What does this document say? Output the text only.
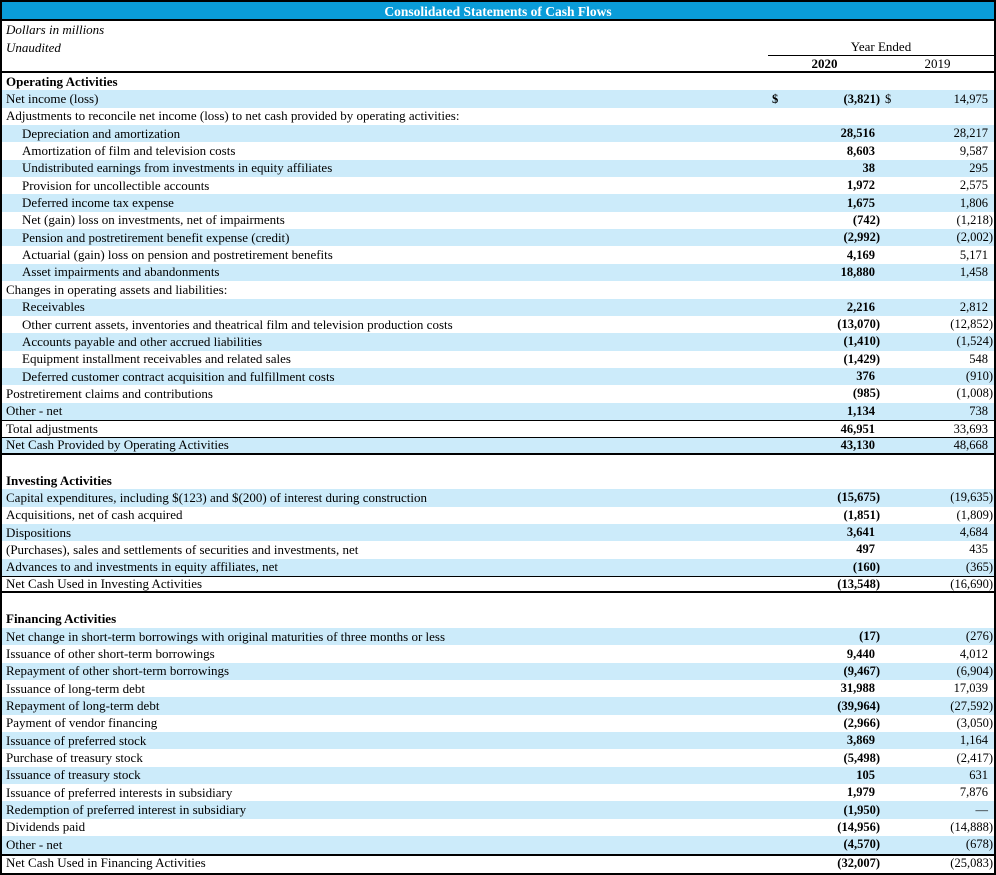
Consolidated Statements of Cash Flows
Dollars in millions
Unaudited	Year Ended
2020	2019
Operating Activities
Net income (loss)	$	(3,821) $	14,975
Adjustments to reconcile net income (loss) to net cash provided by operating activities:
Depreciation and amortization	28,516	28,217
Amortization of film and television costs	8,603	9,587
Undistributed earnings from investments in equity affiliates	38	295
Provision for uncollectible accounts	1,972	2,575
Deferred income tax expense	1,675	1,806
Net (gain) loss on investments, net of impairments	(742)	(1,218)
Pension and postretirement benefit expense (credit)	(2,992)	(2,002)
Actuarial (gain) loss on pension and postretirement benefits	4,169	5,171
Asset impairments and abandonments	18,880	1,458
Changes in operating assets and liabilities:
Receivables	2,216	2,812
Other current assets, inventories and theatrical film and television production costs	(13,070)	(12,852)
Accounts payable and other accrued liabilities	(1,410)	(1,524)
Equipment installment receivables and related sales	(1,429)	548
Deferred customer contract acquisition and fulfillment costs	376	(910)
Postretirement claims and contributions	(985)	(1,008)
Other - net	1,134	738
Total adjustments	46,951	33,693
Net Cash Provided by Operating Activities	43,130	48,668
Investing Activities
Capital expenditures, including $(123) and $(200) of interest during construction	(15,675)	(19,635)
Acquisitions, net of cash acquired	(1,851)	(1,809)
Dispositions	3,641	4,684
(Purchases), sales and settlements of securities and investments, net	497	435
Advances to and investments in equity affiliates, net	(160)	(365)
Net Cash Used in Investing Activities	(13,548)	(16,690)
Financing Activities
Net change in short-term borrowings with original maturities of three months or less	(17)	(276)
Issuance of other short-term borrowings	9,440	4,012
Repayment of other short-term borrowings	(9,467)	(6,904)
Issuance of long-term debt	31,988	17,039
Repayment of long-term debt	(39,964)	(27,592)
Payment of vendor financing	(2,966)	(3,050)
Issuance of preferred stock	3,869	1,164
Purchase of treasury stock	(5,498)	(2,417)
Issuance of treasury stock	105	631
Issuance of preferred interests in subsidiary	1,979	7,876
Redemption of preferred interest in subsidiary	(1,950)	—
Dividends paid	(14,956)	(14,888)
Other - net	(4,570)	(678)
Net Cash Used in Financing Activities	(32,007)	(25,083)
